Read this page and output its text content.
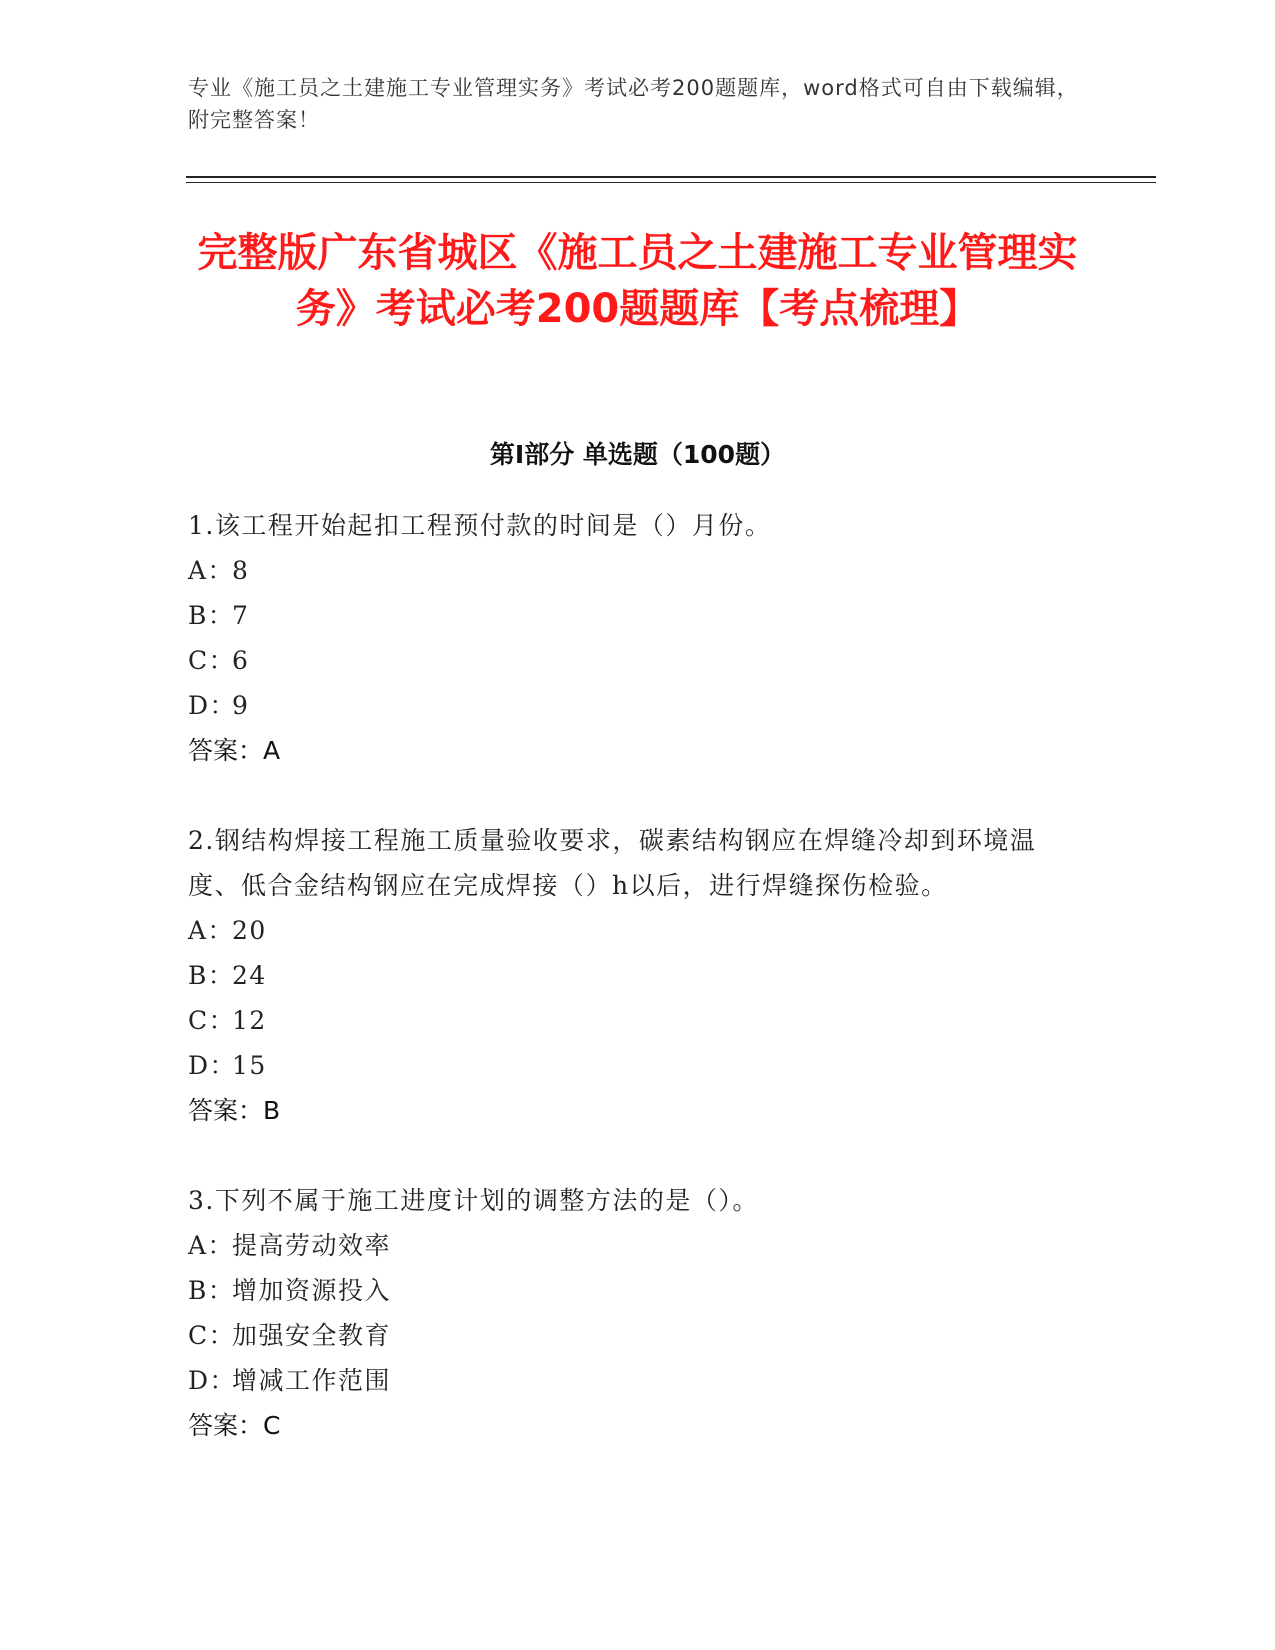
专业《施工员之土建施工专业管理实务》考试必考200题题库，word格式可自由下载编辑，附完整答案！
完整版广东省城区《施工员之土建施工专业管理实务》考试必考200题题库【考点梳理】
第I部分 单选题（100题）

1.该工程开始起扣工程预付款的时间是（）月份。

A：
8
B：
7
C：
6
D：
9
答案：A

2.钢结构焊接工程施工质量验收要求，碳素结构钢应在焊缝冷却到环境温度、低合金结构钢应在完成焊接（）h以后，进行焊缝探伤检验。

A：
20
B：
24
C：
12
D：
15
答案：B

3.下列不属于施工进度计划的调整方法的是（）。

A：
提高劳动效率
B：
增加资源投入
C：
加强安全教育
D：
增减工作范围
答案：C
